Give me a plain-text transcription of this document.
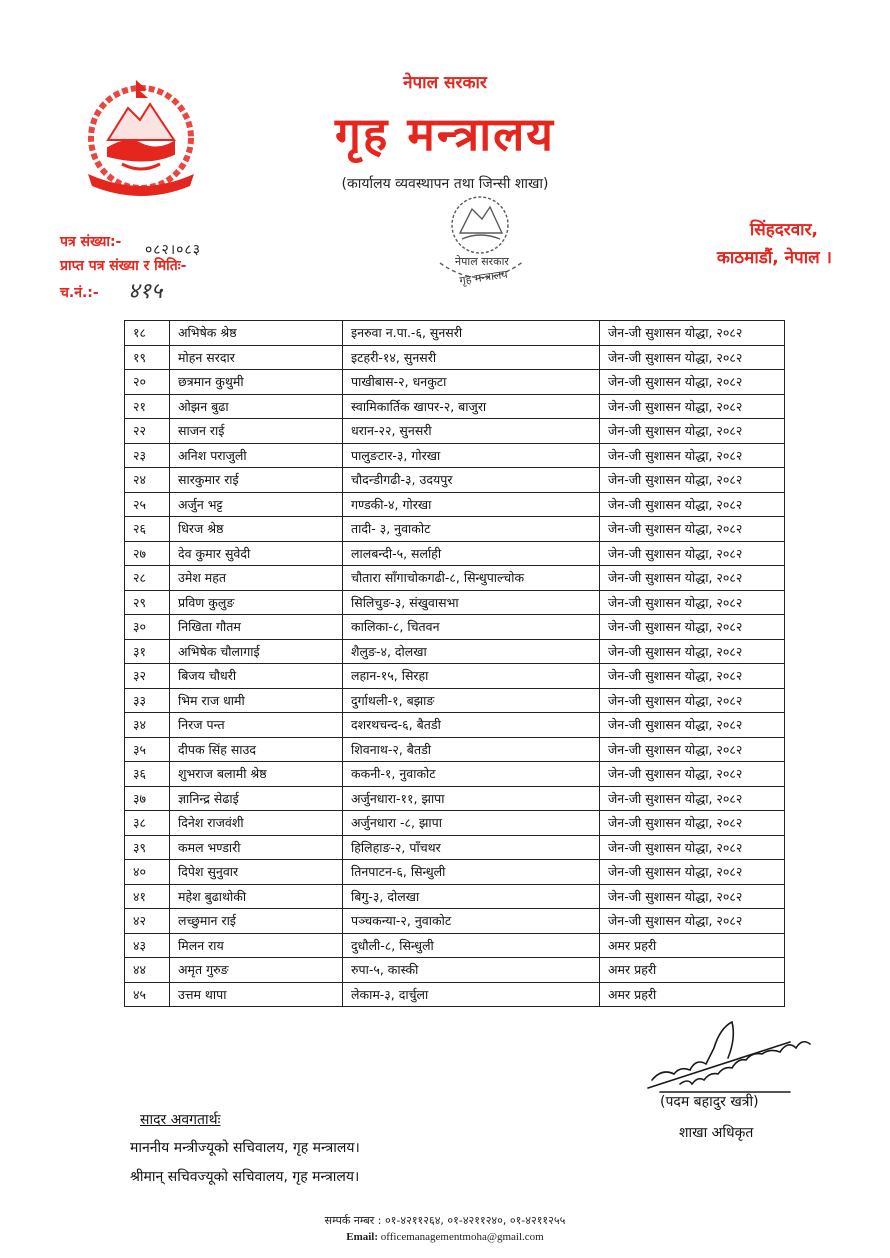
नेपाल सरकार
गृह मन्त्रालय
(कार्यालय व्यवस्थापन तथा जिन्सी शाखा)
नेपाल सरकार
गृह मन्त्रालय
पत्र संख्या:- ०८२।०८३
प्राप्त पत्र संख्या र मितिः-
च.नं.:- ४१५
सिंहदरवार,
काठमाडौं, नेपाल ।
१८	अभिषेक श्रेष्ठ	इनरुवा न.पा.-६, सुनसरी	जेन-जी सुशासन योद्धा, २०८२
१९	मोहन सरदार	इटहरी-१४, सुनसरी	जेन-जी सुशासन योद्धा, २०८२
२०	छत्रमान कुथुमी	पाखीबास-२, धनकुटा	जेन-जी सुशासन योद्धा, २०८२
२१	ओझन बुढा	स्वामिकार्तिक खापर-२, बाजुरा	जेन-जी सुशासन योद्धा, २०८२
२२	साजन राई	धरान-२२, सुनसरी	जेन-जी सुशासन योद्धा, २०८२
२३	अनिश पराजुली	पालुङटार-३, गोरखा	जेन-जी सुशासन योद्धा, २०८२
२४	सारकुमार राई	चौदन्डीगढी-३, उदयपुर	जेन-जी सुशासन योद्धा, २०८२
२५	अर्जुन भट्ट	गण्डकी-४, गोरखा	जेन-जी सुशासन योद्धा, २०८२
२६	धिरज श्रेष्ठ	तादी- ३, नुवाकोट	जेन-जी सुशासन योद्धा, २०८२
२७	देव कुमार सुवेदी	लालबन्दी-५, सर्लाही	जेन-जी सुशासन योद्धा, २०८२
२८	उमेश महत	चौतारा साँगाचोकगढी-८, सिन्धुपाल्चोक	जेन-जी सुशासन योद्धा, २०८२
२९	प्रविण कुलुङ	सिलिचुङ-३, संखुवासभा	जेन-जी सुशासन योद्धा, २०८२
३०	निखिता गौतम	कालिका-८, चितवन	जेन-जी सुशासन योद्धा, २०८२
३१	अभिषेक चौलागाई	शैलुङ-४, दोलखा	जेन-जी सुशासन योद्धा, २०८२
३२	बिजय चौधरी	लहान-१५, सिरहा	जेन-जी सुशासन योद्धा, २०८२
३३	भिम राज धामी	दुर्गाथली-१, बझाङ	जेन-जी सुशासन योद्धा, २०८२
३४	निरज पन्त	दशरथचन्द-६, बैतडी	जेन-जी सुशासन योद्धा, २०८२
३५	दीपक सिंह साउद	शिवनाथ-२, बैतडी	जेन-जी सुशासन योद्धा, २०८२
३६	शुभराज बलामी श्रेष्ठ	ककनी-१, नुवाकोट	जेन-जी सुशासन योद्धा, २०८२
३७	ज्ञानिन्द्र सेढाई	अर्जुनधारा-११, झापा	जेन-जी सुशासन योद्धा, २०८२
३८	दिनेश राजवंशी	अर्जुनधारा -८, झापा	जेन-जी सुशासन योद्धा, २०८२
३९	कमल भण्डारी	हिलिहाङ-२, पाँचथर	जेन-जी सुशासन योद्धा, २०८२
४०	दिपेश सुनुवार	तिनपाटन-६, सिन्धुली	जेन-जी सुशासन योद्धा, २०८२
४१	महेश बुढाथोकी	बिगु-३, दोलखा	जेन-जी सुशासन योद्धा, २०८२
४२	लच्छुमान राई	पञ्चकन्या-२, नुवाकोट	जेन-जी सुशासन योद्धा, २०८२
४३	मिलन राय	दुधौली-८, सिन्धुली	अमर प्रहरी
४४	अमृत गुरुङ	रुपा-५, कास्की	अमर प्रहरी
४५	उत्तम थापा	लेकाम-३, दार्चुला	अमर प्रहरी
(पदम बहादुर खत्री)
शाखा अधिकृत
सादर अवगतार्थः
माननीय मन्त्रीज्यूको सचिवालय, गृह मन्त्रालय।
श्रीमान् सचिवज्यूको सचिवालय, गृह मन्त्रालय।
सम्पर्क नम्बर : ०१-४२११२६४, ०१-४२११२४०, ०१-४२११२५५
Email: officemanagementmoha@gmail.com
